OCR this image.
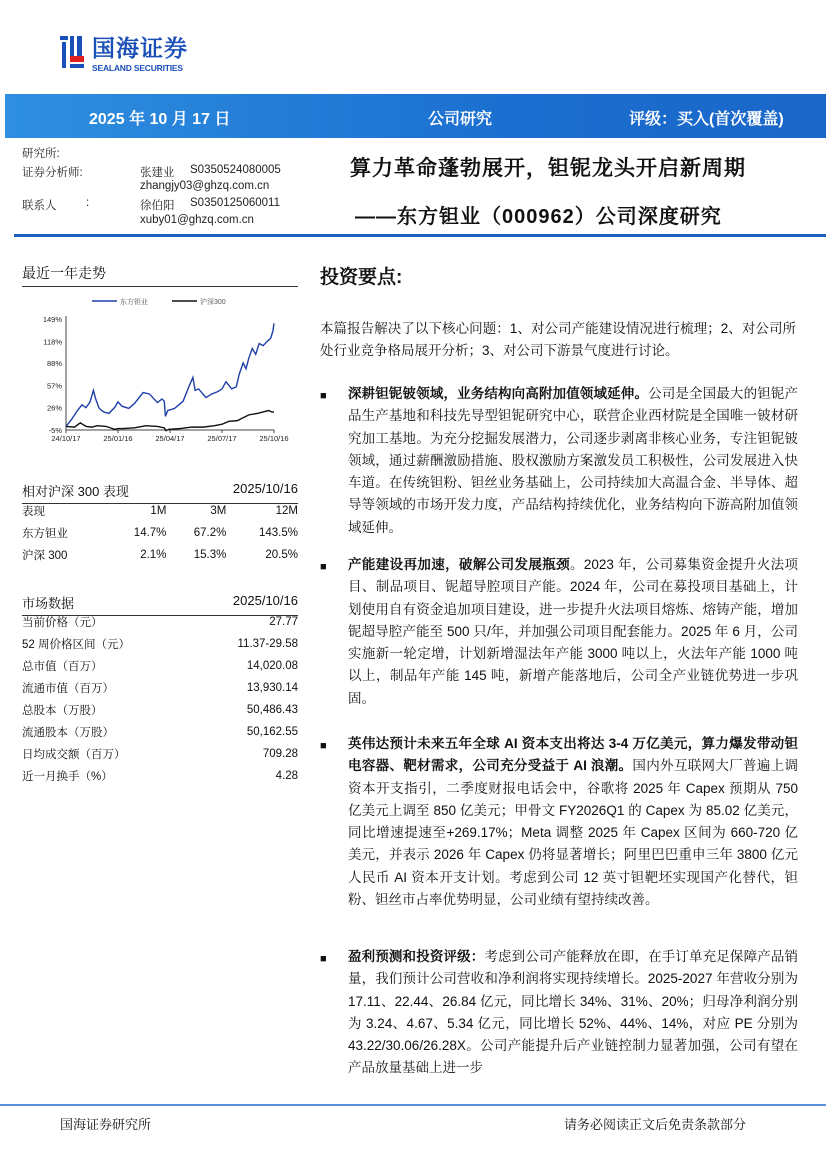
国海证券
SEALAND SECURITIES
2025 年 10 月 17 日	公司研究	评级：买入(首次覆盖)
研究所:
证券分析师:	张建业 S0350524080005
zhangjy03@ghzq.com.cn
联系人	:	徐伯阳 S0350125060011
xuby01@ghzq.com.cn
算力革命蓬勃展开，钽铌龙头开启新周期
——东方钽业（000962）公司深度研究
最近一年走势
东方钽业	沪深300
149%
118%
88%
57%
26%
-5%
24/10/17	25/01/16	25/04/17	25/07/17	25/10/16
相对沪深 300 表现	2025/10/16
表现	1M	3M	12M
东方钽业	14.7%	67.2%	143.5%
沪深 300	2.1%	15.3%	20.5%
市场数据	2025/10/16
当前价格（元）	27.77
52 周价格区间（元）	11.37-29.58
总市值（百万）	14,020.08
流通市值（百万）	13,930.14
总股本（万股）	50,486.43
流通股本（万股）	50,162.55
日均成交额（百万）	709.28
近一月换手（%）	4.28
投资要点:
本篇报告解决了以下核心问题：1、对公司产能建设情况进行梳理；2、对公司所处行业竞争格局展开分析；3、对公司下游景气度进行讨论。
■	深耕钽铌铍领域，业务结构向高附加值领域延伸。公司是全国最大的钽铌产品生产基地和科技先导型钽铌研究中心，联营企业西材院是全国唯一铍材研究加工基地。为充分挖掘发展潜力，公司逐步剥离非核心业务，专注钽铌铍领域，通过薪酬激励措施、股权激励方案激发员工积极性，公司发展进入快车道。在传统钽粉、钽丝业务基础上，公司持续加大高温合金、半导体、超导等领域的市场开发力度，产品结构持续优化，业务结构向下游高附加值领域延伸。
■	产能建设再加速，破解公司发展瓶颈。2023 年，公司募集资金提升火法项目、制品项目、铌超导腔项目产能。2024 年，公司在募投项目基础上，计划使用自有资金追加项目建设，进一步提升火法项目熔炼、熔铸产能，增加铌超导腔产能至 500 只/年，并加强公司项目配套能力。2025 年 6 月，公司实施新一轮定增，计划新增湿法年产能 3000 吨以上，火法年产能 1000 吨以上，制品年产能 145 吨，新增产能落地后，公司全产业链优势进一步巩固。
■	英伟达预计未来五年全球 AI 资本支出将达 3-4 万亿美元，算力爆发带动钽电容器、靶材需求，公司充分受益于 AI 浪潮。国内外互联网大厂普遍上调资本开支指引，二季度财报电话会中，谷歌将 2025 年 Capex 预期从 750 亿美元上调至 850 亿美元；甲骨文 FY2026Q1 的 Capex 为 85.02 亿美元，同比增速提速至+269.17%；Meta 调整 2025 年 Capex 区间为 660-720 亿美元，并表示 2026 年 Capex 仍将显著增长；阿里巴巴重申三年 3800 亿元人民币 AI 资本开支计划。考虑到公司 12 英寸钽靶坯实现国产化替代，钽粉、钽丝市占率优势明显，公司业绩有望持续改善。
■	盈利预测和投资评级：考虑到公司产能释放在即，在手订单充足保障产品销量，我们预计公司营收和净利润将实现持续增长。2025-2027 年营收分别为 17.11、22.44、26.84 亿元，同比增长 34%、31%、20%；归母净利润分别为 3.24、4.67、5.34 亿元，同比增长 52%、44%、14%，对应 PE 分别为 43.22/30.06/26.28X。公司产能提升后产业链控制力显著加强，公司有望在产品放量基础上进一步
国海证券研究所	请务必阅读正文后免责条款部分
